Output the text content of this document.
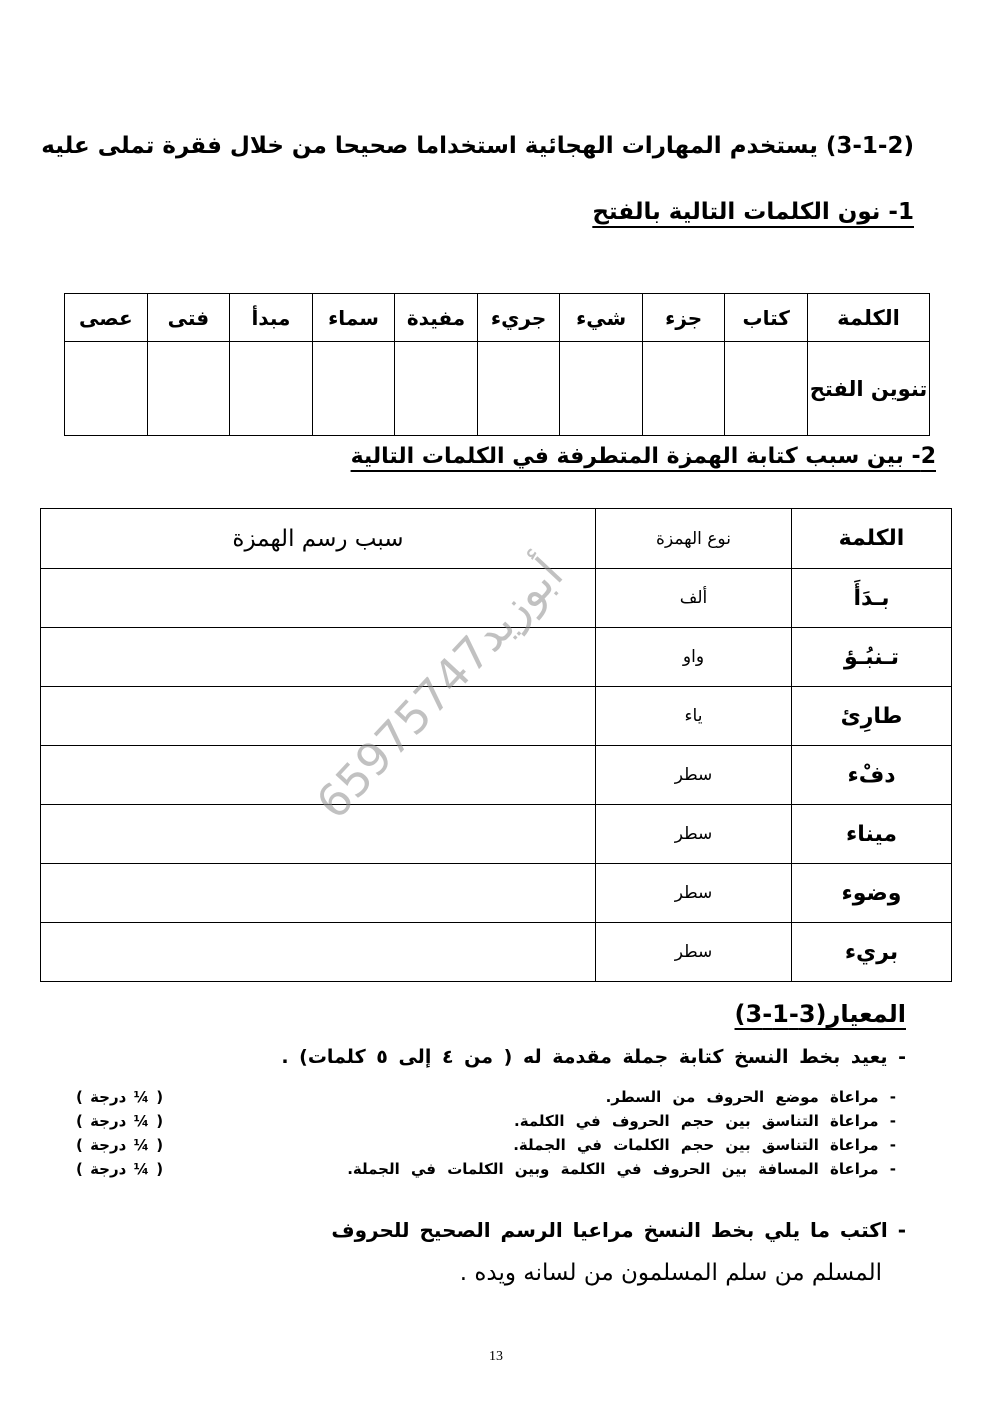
(3-1-2) يستخدم المهارات الهجائية استخداما صحيحا من خلال فقرة تملى عليه
1- نون الكلمات التالية بالفتح
الكلمة	كتاب	جزء	شيء	جريء	مفيدة	سماء	مبدأ	فتى	عصى
تنوين الفتح									
2- بين سبب كتابة الهمزة المتطرفة في الكلمات التالية
الكلمة	نوع الهمزة	سبب رسم الهمزة
بـدَأَ	ألف	
تـنبُـؤ	واو	
طارِئ	ياء	
دفْء	سطر	
ميناء	سطر	
وضوء	سطر	
بريء	سطر	
أبوزيد65975747
المعيار(3-1-3)
- يعيد بخط النسخ كتابة جملة مقدمة له ( من ٤ إلى ٥ كلمات) .
- مراعاة موضع الحروف من السطر.
( ¼ درجة )
- مراعاة التناسق بين حجم الحروف في الكلمة.
( ¼ درجة )
- مراعاة التناسق بين حجم الكلمات في الجملة.
( ¼ درجة )
- مراعاة المسافة بين الحروف في الكلمة وبين الكلمات في الجملة.
( ¼ درجة )
- اكتب ما يلي بخط النسخ مراعيا الرسم الصحيح للحروف
المسلم من سلم المسلمون من لسانه ويده .
13
